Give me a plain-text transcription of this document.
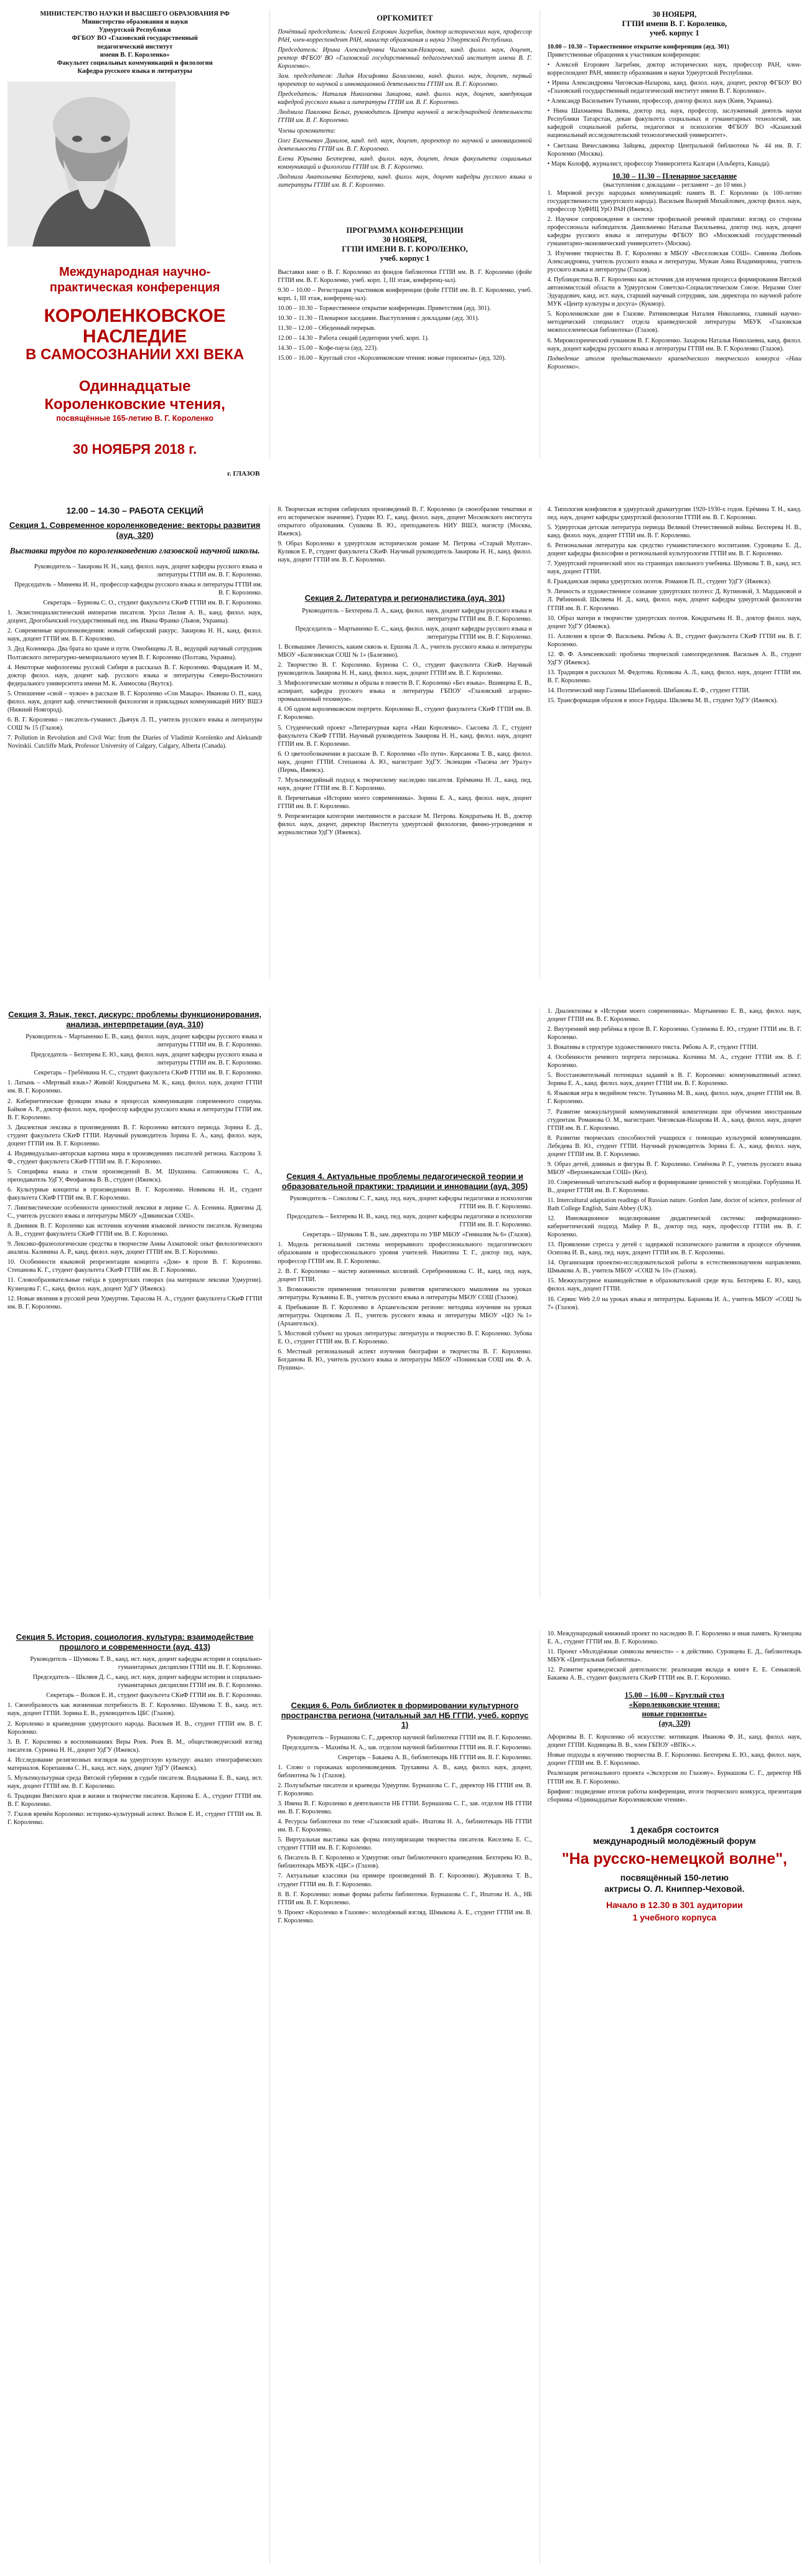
МИНИСТЕРСТВО НАУКИ И ВЫСШЕГО ОБРАЗОВАНИЯ РФ
Министерство образования и науки
Удмуртской Республики
ФГБОУ ВО «Глазовский государственный
педагогический институт
имени В. Г. Короленко»
Факультет социальных коммуникаций и филологии
Кафедра русского языка и литературы
Международная научно-
практическая конференция
КОРОЛЕНКОВСКОЕ
НАСЛЕДИЕ
В САМОСОЗНАНИИ XXI ВЕКА
Одиннадцатые
Короленковские чтения,
посвящённые 165-летию В. Г. Короленко
30 НОЯБРЯ 2018 г.
г. ГЛАЗОВ
ОРГКОМИТЕТ

Почётный председатель: Алексей Егорович Загребин, доктор исторических наук, профессор РАН, член-корреспондент РАН, министр образования и науки Удмуртской Республики.

Председатель: Ирина Александровна Чиговская-Назарова, канд. филол. наук, доцент, ректор ФГБОУ ВО «Глазовский государственный педагогический институт имени В. Г. Короленко».

Зам. председателя: Лидия Иосифовна Баласанова, канд. филол. наук, доцент, первый проректор по научной и инновационной деятельности ГГПИ им. В. Г. Короленко.

Председатель: Наталия Николаевна Закирова, канд. филол. наук, доцент, заведующая кафедрой русского языка и литературы ГГПИ им. В. Г. Короленко.

Людмила Павловна Белых, руководитель Центра научной и международной деятельности ГГПИ им. В. Г. Короленко.

Члены оргкомитета:

Олег Евгеньевич Данилов, канд. пед. наук, доцент, проректор по научной и инновационной деятельности ГГПИ им. В. Г. Короленко.

Елена Юрьевна Бехтерева, канд. филол. наук, доцент, декан факультета социальных коммуникаций и филологии ГГПИ им. В. Г. Короленко.

Людмила Анатольевна Бехтерева, канд. филол. наук, доцент кафедры русского языка и литературы ГГПИ им. В. Г. Короленко.

ПРОГРАММА КОНФЕРЕНЦИИ
30 НОЯБРЯ,
ГГПИ ИМЕНИ В. Г. КОРОЛЕНКО,
учеб. корпус 1

Выставки книг о В. Г. Короленко из фондов библиотеки ГГПИ им. В. Г. Короленко (фойе ГГПИ им. В. Г. Короленко, учеб. корп. 1, III этаж, конференц-зал).

9.30 – 10.00 – Регистрация участников конференции (фойе ГГПИ им. В. Г. Короленко, учеб. корп. 1, III этаж, конференц-зал).

10.00 – 10.30 – Торжественное открытие конференции. Приветствия (ауд. 301).

10.30 – 11.30 – Пленарное заседание. Выступления с докладами (ауд. 301).

11.30 – 12.00 – Обеденный перерыв.

12.00 – 14.30 – Работа секций (аудитории учеб. корп. 1).

14.30 – 15.00 – Кофе-пауза (ауд. 223).

15.00 – 16.00 – Круглый стол «Короленковские чтения: новые горизонты» (ауд. 320).

30 НОЯБРЯ,
ГГПИ имени В. Г. Короленко,
учеб. корпус 1
10.00 – 10.30 – Торжественное открытие конференции (ауд. 301)

Приветственные обращения к участникам конференции:

• Алексей Егорович Загребин, доктор исторических наук, профессор РАН, член-корреспондент РАН, министр образования и науки Удмуртской Республики.

• Ирина Александровна Чиговская-Назарова, канд. филол. наук, доцент, ректор ФГБОУ ВО «Глазовский государственный педагогический институт имени В. Г. Короленко».

• Александр Васильевич Тутынин, профессор, доктор филол. наук (Киев, Украина).

• Нина Шахмаевна Валиева, доктор пед. наук, профессор, заслуженный деятель науки Республики Татарстан, декан факультета социальных и гуманитарных технологий, зав. кафедрой социальной работы, педагогики и психологии ФГБОУ ВО «Казанский национальный исследовательский технологический университет».

• Светлана Вячеславовна Зайцева, директор Центральной библиотеки № 44 им. В. Г. Короленко (Москва).

• Марк Колофф, журналист, профессор Университета Калгари (Альберта, Канада).

10.30 – 11.30 – Пленарное заседание
(выступления с докладами – регламент – до 10 мин.)

1. Мировой ресурс народных коммуникаций: память В. Г. Короленко (к 100-летию государственности удмуртского народа). Васильев Валерий Михайлович, доктор филол. наук, профессор УдФИЦ УрО РАН (Ижевск).

2. Научное сопровождение в системе профильной речевой практики: взгляд со стороны профессионала наблюдателя. Данильченко Наталья Васильевна, доктор пед. наук, доцент кафедры русского языка и литературы ФГБОУ ВО «Московский государственный гуманитарно-экономический университет» (Москва).

3. Изучение творчества В. Г. Короленко в МБОУ «Веселовская СОШ». Сиянова Любовь Александровна, учитель русского языка и литературы, Мужан Анна Владимировна, учитель русского языка и литературы (Глазов).

4. Публицистика В. Г. Короленко как источник для изучения процесса формирования Вятской автономистской области в Удмуртском Советско-Социалистическом Союзе. Неразин Олег Эдуардович, канд. ист. наук, старший научный сотрудник, зам. директора по научной работе МУК «Центр культуры и досуга» (Кукмор).

5. Короленковские дни в Глазове. Ратниковецкая Наталия Николаевна, главный научно-методический специалист отдела краеведческой литературы МБУК «Глазовская межпоселенческая библиотека» (Глазов).

6. Мировоззренческий гуманизм В. Г. Короленко. Захарова Наталья Николаевна, канд. филол. наук, доцент кафедры русского языка и литературы ГГПИ им. В. Г. Короленко (Глазов).

Подведение итогов предвыставочного краеведческого творческого конкурса «Наш Короленко».

12.00 – 14.30 – РАБОТА СЕКЦИЙ
Секция 1. Современное короленковедение: векторы развития (ауд. 320)
Выставка трудов по короленковедению глазовской научной школы.

Руководитель – Закирова Н. Н., канд. филол. наук, доцент кафедры русского языка и литературы ГГПИ им. В. Г. Короленко.

Председатель – Минеева И. Н., профессор кафедры русского языка и литературы ГГПИ им. В. Г. Короленко.

Секретарь – Бурнова С. О., студент факультета СКиФ ГГПИ им. В. Г. Короленко.

1. Экзистенциалистический императив писателя. Урсол Лилия А. В., канд. филол. наук, доцент, Дрогобычский государственный пед. им. Ивана Франко (Львов, Украина).

2. Современные короленковедения: новый сибирский ракурс. Закирова Н. Н., канд. филол. наук, доцент ГГПИ им. В. Г. Короленко.

3. Дед Коленкора. Два брата во храме и пути. Ознобищева Л. В., ведущий научный сотрудник Полтавского литературно-мемориального музея В. Г. Короленко (Полтава, Украина).

4. Некоторые мифологемы русской Сибири в рассказах В. Г. Короленко. Фараджаев И. М., доктор филол. наук, доцент каф. русского языка и литературы Северо-Восточного федерального университета имени М. К. Аммосова (Якутск).

5. Отношение «свой – чужое» в рассказе В. Г. Короленко «Сон Макара». Иванова О. П., канд. филол. наук, доцент каф. отечественной филологии и прикладных коммуникаций НИУ ВШЭ (Нижний Новгород).

6. В. Г. Короленко – писатель-гуманист. Дьячук Л. П., учитель русского языка и литературы СОШ № 15 (Глазов).

7. Pollution in Revolution and Civil War: from the Diaries of Vladimir Korolenko and Aleksandr Novitskii. Cutcliffe Mark, Professor University of Calgary, Calgary, Alberta (Canada).

8. Творческая история сибирских произведений В. Г. Короленко (в своеобразии тематики и его историческое значение). Гущин Ю. Г., канд. филол. наук, доцент Московского института открытого образования. Сушкова В. Ю., преподаватель НИУ ВШЭ, магистр (Москва, Ижевск).

9. Образ Короленко в удмуртском историческом романе М. Петрова «Старый Мултан». Куликов Е. Р., студент факультета СКиФ. Научный руководитель Закирова Н. Н., канд. филол. наук, доцент ГГПИ им. В. Г. Короленко.

Секция 2. Литература и регионалистика (ауд. 301)

Руководитель – Бехтерева Л. А., канд. филол. наук, доцент кафедры русского языка и литературы ГГПИ им. В. Г. Короленко.

Председатель – Мартыненко Е. С., канд. филол. наук, доцент кафедры русского языка и литературы ГГПИ им. В. Г. Короленко.

1. Всевышнее Личность, каким сквозь и. Ершова Л. А., учитель русского языка и литературы МБОУ «Балезинская СОШ № 1» (Балезино).

2. Творчество В. Г. Короленко. Бурнова С. О., студент факультета СКиФ. Научный руководитель Закирова Н. Н., канд. филол. наук, доцент ГГПИ им. В. Г. Короленко.

3. Мифологические мотивы и образы в повести В. Г. Короленко «Без языка». Вшивцева Е. В., аспирант, кафедра русского языка и литературы ГБПОУ «Глазовский аграрно-промышленный техникум».

4. Об одном короленковском портрете. Короленко В., студент факультета СКиФ ГГПИ им. В. Г. Короленко.

5. Студенческий проект «Литературная карта «Наш Короленко». Сысоева Л. Г., студент факультета СКиФ ГГПИ. Научный руководитель Закирова Н. Н., канд. филол. наук, доцент ГГПИ им. В. Г. Короленко.

6. О цветообозначении в рассказе В. Г. Короленко «По пути». Кирсанова Т. В., канд. филол. наук, доцент ГГПИ. Степанова А. Ю., магистрант УдГУ. Эклекции «Тысяча лет Уралу» (Пермь, Ижевск).

7. Мультимедийный подход к творческому наследию писателя. Ерёмкина Н. Л., канд. пед. наук, доцент ГГПИ им. В. Г. Короленко.

8. Перечитывая «Историю моего современника». Зорина Е. А., канд. филол. наук, доцент ГГПИ им. В. Г. Короленко.

9. Репрезентация категории эмотивности в рассказе М. Петрова. Кондратьева Н. В., доктор филол. наук, доцент, директор Института удмуртской филологии, финно-угроведения и журналистики УдГУ (Ижевск).

4. Типология конфликтов в удмуртской драматургии 1920-1930-х годов. Ерёмина Т. Н., канд. пед. наук, доцент кафедры удмуртской филологии ГГПИ им. В. Г. Короленко.

5. Удмуртская детская литература периода Великой Отечественной войны. Бехтерева Н. В., канд. филол. наук, доцент ГГПИ им. В. Г. Короленко.

6. Региональная литература как средство гуманистического воспитания. Суровцева Е. Д., доцент кафедры философии и региональной культурологии ГГПИ им. В. Г. Короленко.

7. Удмуртский героический эпос на страницах школьного учебника. Шумкова Т. В., канд. ист. наук, доцент ГГПИ.

8. Гражданская лирика удмуртских поэтов. Романов П. П., студент УдГУ (Ижевск).

9. Личность и художественное сознание удмуртских поэтесс Д. Кутиновой, З. Мардановой и Л. Рябининой. Шкляева Н. Д., канд. филол. наук, доцент кафедры удмуртской филологии ГГПИ им. В. Г. Короленко.

10. Образ матери в творчестве удмуртских поэтов. Кондратьева Н. В., доктор филол. наук, доцент УдГУ (Ижевск).

11. Аллюзии в прозе Ф. Васильева. Рябова А. В., студент факультета СКиФ ГГПИ им. В. Г. Короленко.

12. Ф. Ф. Алексеевский: проблема творческой самоопределения. Васильев А. В., студент УдГУ (Ижевск).

13. Традиция в рассказах М. Федотова. Куликова А. Л., канд. филол. наук, доцент ГГПИ им. В. Г. Короленко.

14. Поэтический мир Галины Шибановой. Шибанова Е. Ф., студент ГГПИ.

15. Трансформация образов в эпосе Гердара. Шкляева М. В., студент УдГУ (Ижевск).

Секция 3. Язык, текст, дискурс: проблемы функционирования, анализа, интерпретации (ауд. 310)

Руководитель – Мартыненко Е. В., канд. филол. наук, доцент кафедры русского языка и литературы ГГПИ им. В. Г. Короленко.

Председатель – Бехтерева Е. Ю., канд. филол. наук, доцент кафедры русского языка и литературы ГГПИ им. В. Г. Короленко.

Секретарь – Гребёнкина Н. С., студент факультета СКиФ ГГПИ им. В. Г. Короленко.

1. Латынь – «Мертвый язык»? Живой! Кондратьева М. К., канд. филол. наук, доцент ГГПИ им. В. Г. Короленко.

2. Кибернетические функции языка в процессах коммуникации современного социума. Байков А. Р., доктор филол. наук, профессор кафедры русского языка и литературы ГГПИ им. В. Г. Короленко.

3. Диалектная лексика в произведениях В. Г. Короленко вятского периода. Зорина Е. Д., студент факультета СКиФ ГГПИ. Научный руководитель Зорина Е. А., канд. филол. наук, доцент ГГПИ им. В. Г. Короленко.

4. Индивидуально-авторская картина мира в произведениях писателей региона. Каспрова З. Ф., студент факультета СКиФ ГГПИ им. В. Г. Короленко.

5. Специфика языка и стиля произведений В. М. Шукшина. Сапожникова С. А., преподаватель УдГУ, Феофанова В. В., студент (Ижевск).

6. Культурные концепты в произведениях В. Г. Короленко. Новикова Н. И., студент факультета СКиФ ГГПИ им. В. Г. Короленко.

7. Лингвистические особенности ценностной лексики в лирике С. А. Есенина. Ядвигина Д. С., учитель русского языка и литературы МБОУ «Дзякинская СОШ».

8. Дневник В. Г. Короленко как источник изучения языковой личности писателя. Кузнецова А. В., студент факультета СКиФ ГГПИ им. В. Г. Короленко.

9. Лексико-фразеологические средства в творчестве Анны Ахматовой: опыт филологического анализа. Калинина А. Р., канд. филол. наук, доцент ГГПИ им. В. Г. Короленко.

10. Особенности языковой репрезентации концепта «Дом» в прозе В. Г. Короленко. Степанова К. Г., студент факультета СКиФ ГГПИ им. В. Г. Короленко.

11. Словообразовательные гнёзда в удмуртских говорах (на материале лексики Удмуртии). Кузнецова Г. С., канд. филол. наук, доцент УдГУ (Ижевск).

12. Новые явления в русской речи Удмуртии. Тарасова Н. А., студент факультета СКиФ ГГПИ им. В. Г. Короленко.

Секция 4. Актуальные проблемы педагогической теории и образовательной практики: традиции и инновации (ауд. 305)

Руководитель – Соколова С. Г., канд. пед. наук, доцент кафедры педагогики и психологии ГГПИ им. В. Г. Короленко.

Председатель – Бехтерева Н. В., канд. пед. наук, доцент кафедры педагогики и психологии ГГПИ им. В. Г. Короленко.

Секретарь – Шумкова Т. В., зам. директора по УВР МБОУ «Гимназия № 6» (Глазов).

1. Модель региональной системы непрерывного профессионального педагогического образования и профессионального уровня учителей. Никитина Т. Г., доктор пед. наук, профессор ГГПИ им. В. Г. Короленко.

2. В. Г. Короленко – мастер жизненных коллизий. Серебренникова С. И., канд. пед. наук, доцент ГГПИ.

3. Возможности применения технологии развития критического мышления на уроках литературы. Кузьмина Е. В., учитель русского языка и литературы МБОУ СОШ (Глазов).

4. Пребывание В. Г. Короленко в Архангельском регионе: методика изучения на уроках литературы. Ощепкова Л. П., учитель русского языка и литературы МБОУ «ЦО №1» (Архангельск).

5. Мостовой субъект на уроках литературы: литература и творчество В. Г. Короленко. Зубова Е. О., студент ГГПИ им. В. Г. Короленко.

6. Местный региональный аспект изучения биографии и творчества В. Г. Короленко. Богданова В. Ю., учитель русского языка и литературы МБОУ «Понинская СОШ им. Ф. А. Пушина».

1. Диалектизмы в «Истории моего современника». Мартыненко Е. В., канд. филол. наук, доцент ГГПИ им. В. Г. Короленко.

2. Внутренний мир ребёнка в прозе В. Г. Короленко. Сулимова Е. Ю., студент ГГПИ им. В. Г. Короленко.

3. Вокативы в структуре художественного текста. Рябова А. Р., студент ГГПИ.

4. Особенности речевого портрета персонажа. Колчина М. А., студент ГГПИ им. В. Г. Короленко.

5. Восстановительный потенциал заданий к В. Г. Короленко: коммуникативный аспект. Зорина Е. А., канд. филол. наук, доцент ГГПИ им. В. Г. Короленко.

6. Языковая игра в медийном тексте. Тутынина М. В., канд. филол. наук, доцент ГГПИ им. В. Г. Короленко.

7. Развитие межкультурной коммуникативной компетенции при обучении иностранным студентам. Романова О. М., магистрант. Чиговская-Назарова И. А., канд. филол. наук, доцент ГГПИ им. В. Г. Короленко.

8. Развитие творческих способностей учащихся с помощью культурной коммуникации. Лебедева В. Ю., студент ГГПИ. Научный руководитель Зорина Е. А., канд. филол. наук, доцент ГГПИ им. В. Г. Короленко.

9. Образ детей, длинных и фигуры В. Г. Короленко. Семёнова Р. Г., учитель русского языка МБОУ «Верхнекамская СОШ» (Кез).

10. Современный читательский выбор и формирование ценностей у молодёжи. Горбушина Н. В., доцент ГГПИ им. В. Г. Короленко.

11. Intercultural adaptation readings of Russian nature. Gordon Jane, doctor of science, professor of Bath College English, Saint Abbey (UK).

12. Инновационное моделирование дидактической системы: информационно-кибернетический подход. Майер Р. В., доктор пед. наук, профессор ГГПИ им. В. Г. Короленко.

13. Проявление стресса у детей с задержкой психического развития в процессе обучения. Осипова И. В., канд. пед. наук, доцент ГГПИ им. В. Г. Короленко.

14. Организация проектно-исследовательской работы в естественнонаучном направлении. Шмыкова А. В., учитель МБОУ «СОШ № 10» (Глазов).

15. Межкультурное взаимодействие в образовательной среде вуза. Бехтерева Е. Ю., канд. филол. наук, доцент ГГПИ.

16. Сервис Web 2.0 на уроках языка и литературы. Баранова И. А., учитель МБОУ «СОШ № 7» (Глазов).

Секция 5. История, социология, культура: взаимодействие прошлого и современности (ауд. 413)

Руководитель – Шумкова Т. В., канд. ист. наук, доцент кафедры истории и социально-гуманитарных дисциплин ГГПИ им. В. Г. Короленко.

Председатель – Шкляев Д. С., канд. ист. наук, доцент кафедры истории и социально-гуманитарных дисциплин ГГПИ им. В. Г. Короленко.

Секретарь – Волков Е. И., студент факультета СКиФ ГГПИ им. В. Г. Короленко.

1. Своеобразность как жизненная потребность В. Г. Короленко. Шумкова Т. В., канд. ист. наук, доцент ГГПИ. Зорина Е. В., руководитель ЦБС (Глазов).

2. Короленко и краеведение удмуртского народа. Васильев И. В., студент ГГПИ им. В. Г. Короленко.

3. В. Г. Короленко в воспоминаниях Веры Роек. Роек В. М., обществоведческий взгляд писателя. Сурнина Н. Н., доцент УдГУ (Ижевск).

4. Исследование религиозных взглядов на удмуртскую культуру: анализ этнографических материалов. Корепанова С. Н., канд. ист. наук, доцент УдГУ (Ижевск).

5. Мультикультурная среда Вятской губернии в судьбе писателя. Владыкина Е. В., канд. ист. наук, доцент ГГПИ им. В. Г. Короленко.

6. Традиции Вятского края в жизни и творчестве писателя. Карпова Е. А., студент ГГПИ им. В. Г. Короленко.

7. Глазов времён Короленко: историко-культурный аспект. Волков Е. И., студент ГГПИ им. В. Г. Короленко.

Секция 6. Роль библиотек в формировании культурного пространства региона (читальный зал НБ ГГПИ, учеб. корпус 1)

Руководитель – Бурнашова С. Г., директор научной библиотеки ГГПИ им. В. Г. Короленко.

Председатель – Махнёва Н. А., зав. отделом научной библиотеки ГГПИ им. В. Г. Короленко.

Секретарь – Бакаева А. В., библиотекарь НБ ГГПИ им. В. Г. Короленко.

1. Слово о горожанах короленковедения. Трухавина А. В., канд. филол. наук, доцент, библиотека № 1 (Глазов).

2. Полузабытые писатели и краеведы Удмуртии. Бурнашова С. Г., директор НБ ГГПИ им. В. Г. Короленко.

3. Имена В. Г. Короленко в деятельности НБ ГГПИ. Бурнашова С. Г., зав. отделом НБ ГГПИ им. В. Г. Короленко.

4. Ресурсы библиотеки по теме «Глазовский край». Ипатова Н. А., библиотекарь НБ ГГПИ им. В. Г. Короленко.

5. Виртуальная выставка как форма популяризации творчества писателя. Киселева Е. С., студент ГГПИ им. В. Г. Короленко.

6. Писатель В. Г. Короленко и Удмуртия: опыт библиотечного краеведения. Бехтерева Ю. В., библиотекарь МБУК «ЦБС» (Глазов).

7. Актуальные классики (на примере произведений В. Г. Короленко). Журавлева Т. В., студент ГГПИ им. В. Г. Короленко.

8. В. Г. Короленко: новые формы работы библиотеки. Бурнашова С. Г., Ипатова Н. А., НБ ГГПИ им. В. Г. Короленко.

9. Проект «Короленко в Глазове»: молодёжный взгляд. Шмыкова А. Е., студент ГГПИ им. В. Г. Короленко.

10. Международный книжный проект по наследию В. Г. Короленко и иная память. Кузнецова Е. А., студент ГГПИ им. В. Г. Короленко.

11. Проект «Молодёжные символы вечности» – к действию. Суровцева Е. Д., библиотекарь МБУК «Центральная библиотека».

12. Развитие краеведческой деятельности: реализация вклада в книге Е. Е. Сеньковой. Бакаева А. В., студент факультета СКиФ ГГПИ им. В. Г. Короленко.

15.00 – 16.00 – Круглый стол
«Короленковские чтения:
новые горизонты»
(ауд. 320)

Афоризмы В. Г. Короленко об искусстве: мотивация. Иванова Ф. И., канд. филол. наук, доцент ГГПИ. Кодинцева В. В., член ГБПОУ «ВПК».».

Новые подходы к изучению творчества В. Г. Короленко. Бехтерева Е. Ю., канд. филол. наук, доцент ГГПИ им. В. Г. Короленко.

Реализация регионального проекта «Экскурсия по Глазову». Бурнашова С. Г., директор НБ ГГПИ им. В. Г. Короленко.

Брифинг: подведение итогов работы конференции, итоги творческого конкурса, презентация сборника «Одиннадцатые Короленковские чтения».

1 декабря состоится
международный молодёжный форум
"На русско-немецкой волне",
посвящённый 150-летию
актрисы О. Л. Книппер-Чеховой.
Начало в 12.30 в 301 аудитории
1 учебного корпуса
